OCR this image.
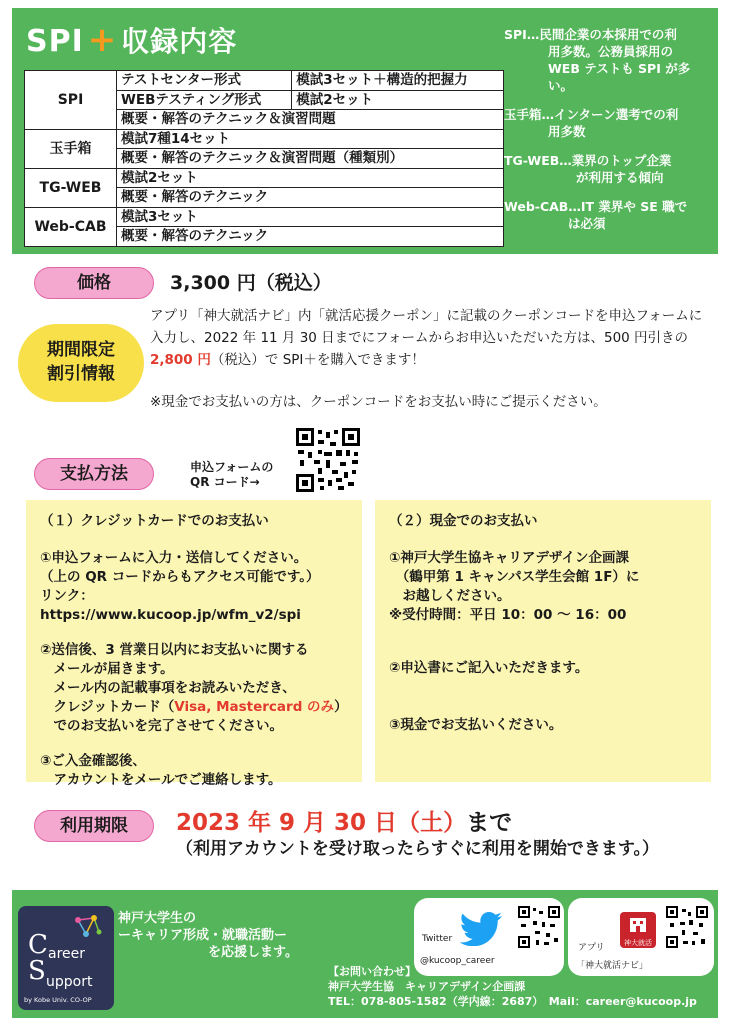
SPI + 収録内容
SPI	テストセンター形式	模試3セット＋構造的把握力
	WEBテスティング形式	模試2セット
	概要・解答のテクニック＆演習問題	
玉手箱	模試7種14セット	
	概要・解答のテクニック＆演習問題（種類別）	
TG-WEB	模試2セット	
	概要・解答のテクニック	
Web-CAB	模試3セット	
	概要・解答のテクニック	
SPI…民間企業の本採用での利
用多数。公務員採用の
WEB テストも SPI が多
い。
玉手箱…インターン選考での利
用多数
TG-WEB…業界のトップ企業
が利用する傾向
Web-CAB…IT 業界や SE 職で
は必須
価格	3,300 円（税込）
期間限定
割引情報
アプリ「神大就活ナビ」内「就活応援クーポン」に記載のクーポンコードを申込フォームに入力し、2022 年 11 月 30 日までにフォームからお申込いただいた方は、500 円引きの2,800 円（税込）で SPI＋を購入できます！
※現金でお支払いの方は、クーポンコードをお支払い時にご提示ください。
支払方法	申込フォームの
QR コード→
（１）クレジットカードでのお支払い
①申込フォームに入力・送信してください。
（上の QR コードからもアクセス可能です。）
リンク：https://www.kucoop.jp/wfm_v2/spi
②送信後、3 営業日以内にお支払いに関する
　メールが届きます。
　メール内の記載事項をお読みいただき、
　クレジットカード（Visa, Mastercard のみ）
　でのお支払いを完了させてください。
③ご入金確認後、
　アカウントをメールでご連絡します。
（２）現金でのお支払い
①神戸大学生協キャリアデザイン企画課
　（鶴甲第 1 キャンパス学生会館 1F）に
　お越しください。
※受付時間：平日 10：00 〜 16：00
②申込書にご記入いただきます。
③現金でお支払いください。
利用期限	2023 年 9 月 30 日（土）まで
（利用アカウントを受け取ったらすぐに利用を開始できます。）
C areer
S upport
by Kobe Univ. CO-OP
神戸大学生の
ーキャリア形成・就職活動ー
を応援します。
Twitter
@kucoop_career
アプリ	神大就活
「神大就活ナビ」
【お問い合わせ】
神戸大学生協　キャリアデザイン企画課
TEL：078-805-1582（学内線：2687）　Mail：career@kucoop.jp
